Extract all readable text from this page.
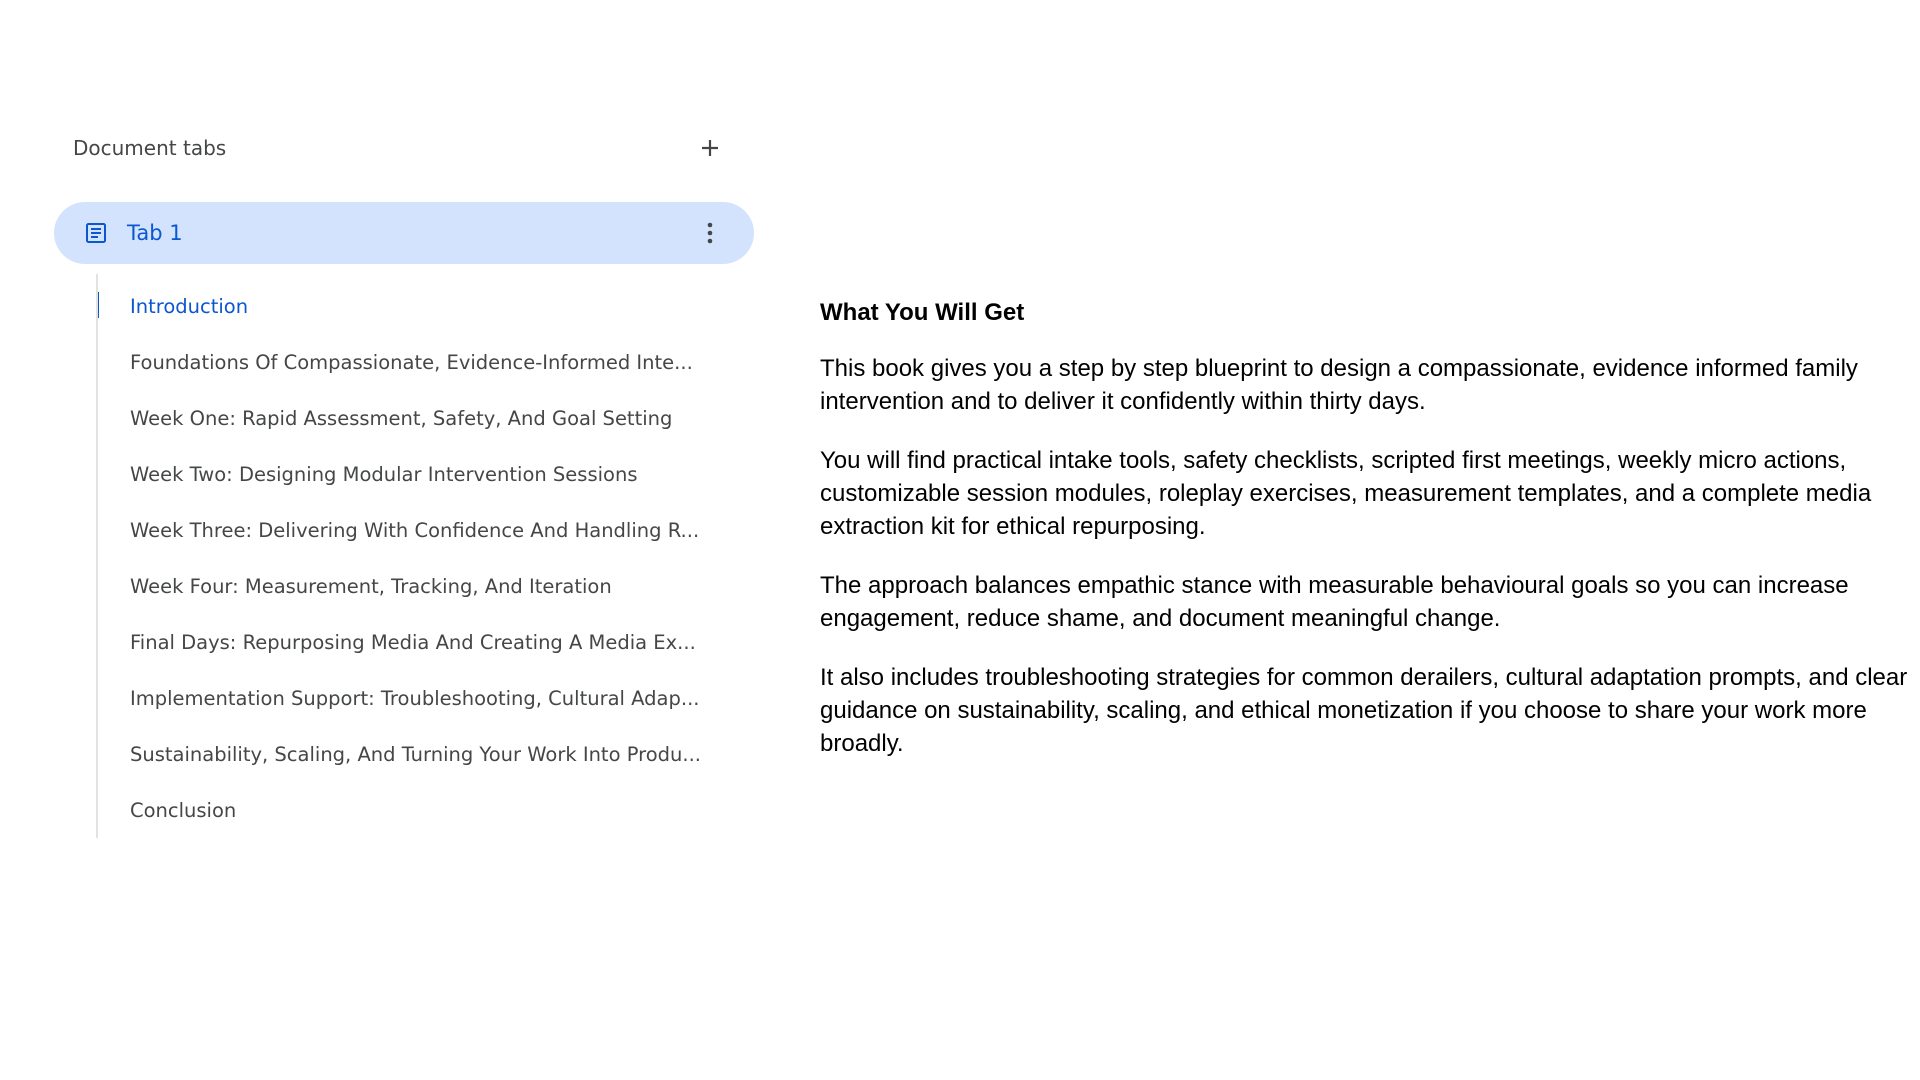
Document tabs
Tab 1
Introduction
Foundations Of Compassionate, Evidence-Informed Inte...
Week One: Rapid Assessment, Safety, And Goal Setting
Week Two: Designing Modular Intervention Sessions
Week Three: Delivering With Confidence And Handling R...
Week Four: Measurement, Tracking, And Iteration
Final Days: Repurposing Media And Creating A Media Ex...
Implementation Support: Troubleshooting, Cultural Adap...
Sustainability, Scaling, And Turning Your Work Into Produ...
Conclusion
What You Will Get

This book gives you a step by step blueprint to design a compassionate, evidence informed family intervention and to deliver it confidently within thirty days.

You will find practical intake tools, safety checklists, scripted first meetings, weekly micro actions, customizable session modules, roleplay exercises, measurement templates, and a complete media extraction kit for ethical repurposing.

The approach balances empathic stance with measurable behavioural goals so you can increase engagement, reduce shame, and document meaningful change.

It also includes troubleshooting strategies for common derailers, cultural adaptation prompts, and clear guidance on sustainability, scaling, and ethical monetization if you choose to share your work more broadly.
